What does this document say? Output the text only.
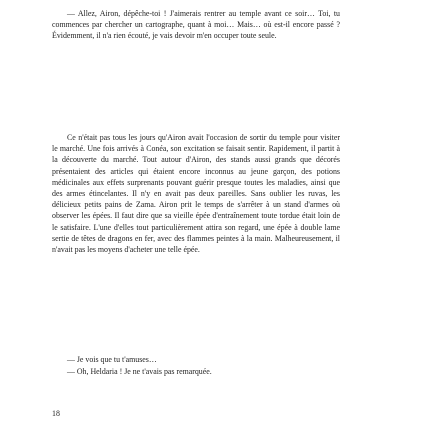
— Allez, Airon, dépêche-toi ! J'aimerais rentrer au temple avant ce soir… Toi, tu commences par chercher un cartographe, quant à moi… Mais… où est-il encore passé ? Évidemment, il n'a rien écouté, je vais devoir m'en occuper toute seule.

Ce n'était pas tous les jours qu'Airon avait l'occasion de sortir du temple pour visiter le marché. Une fois arrivés à Conéa, son excitation se faisait sentir. Rapidement, il partit à la découverte du marché. Tout autour d'Airon, des stands aussi grands que décorés présentaient des articles qui étaient encore inconnus au jeune garçon, des potions médicinales aux effets surprenants pouvant guérir presque toutes les maladies, ainsi que des armes étincelantes. Il n'y en avait pas deux pareilles. Sans oublier les ruvas, les délicieux petits pains de Zama. Airon prit le temps de s'arrêter à un stand d'armes où observer les épées. Il faut dire que sa vieille épée d'entraînement toute tordue était loin de le satisfaire. L'une d'elles tout particulièrement attira son regard, une épée à double lame sertie de têtes de dragons en fer, avec des flammes peintes à la main. Malheureusement, il n'avait pas les moyens d'acheter une telle épée.

— Je vois que tu t'amuses…

— Oh, Heldaria ! Je ne t'avais pas remarquée.

18
